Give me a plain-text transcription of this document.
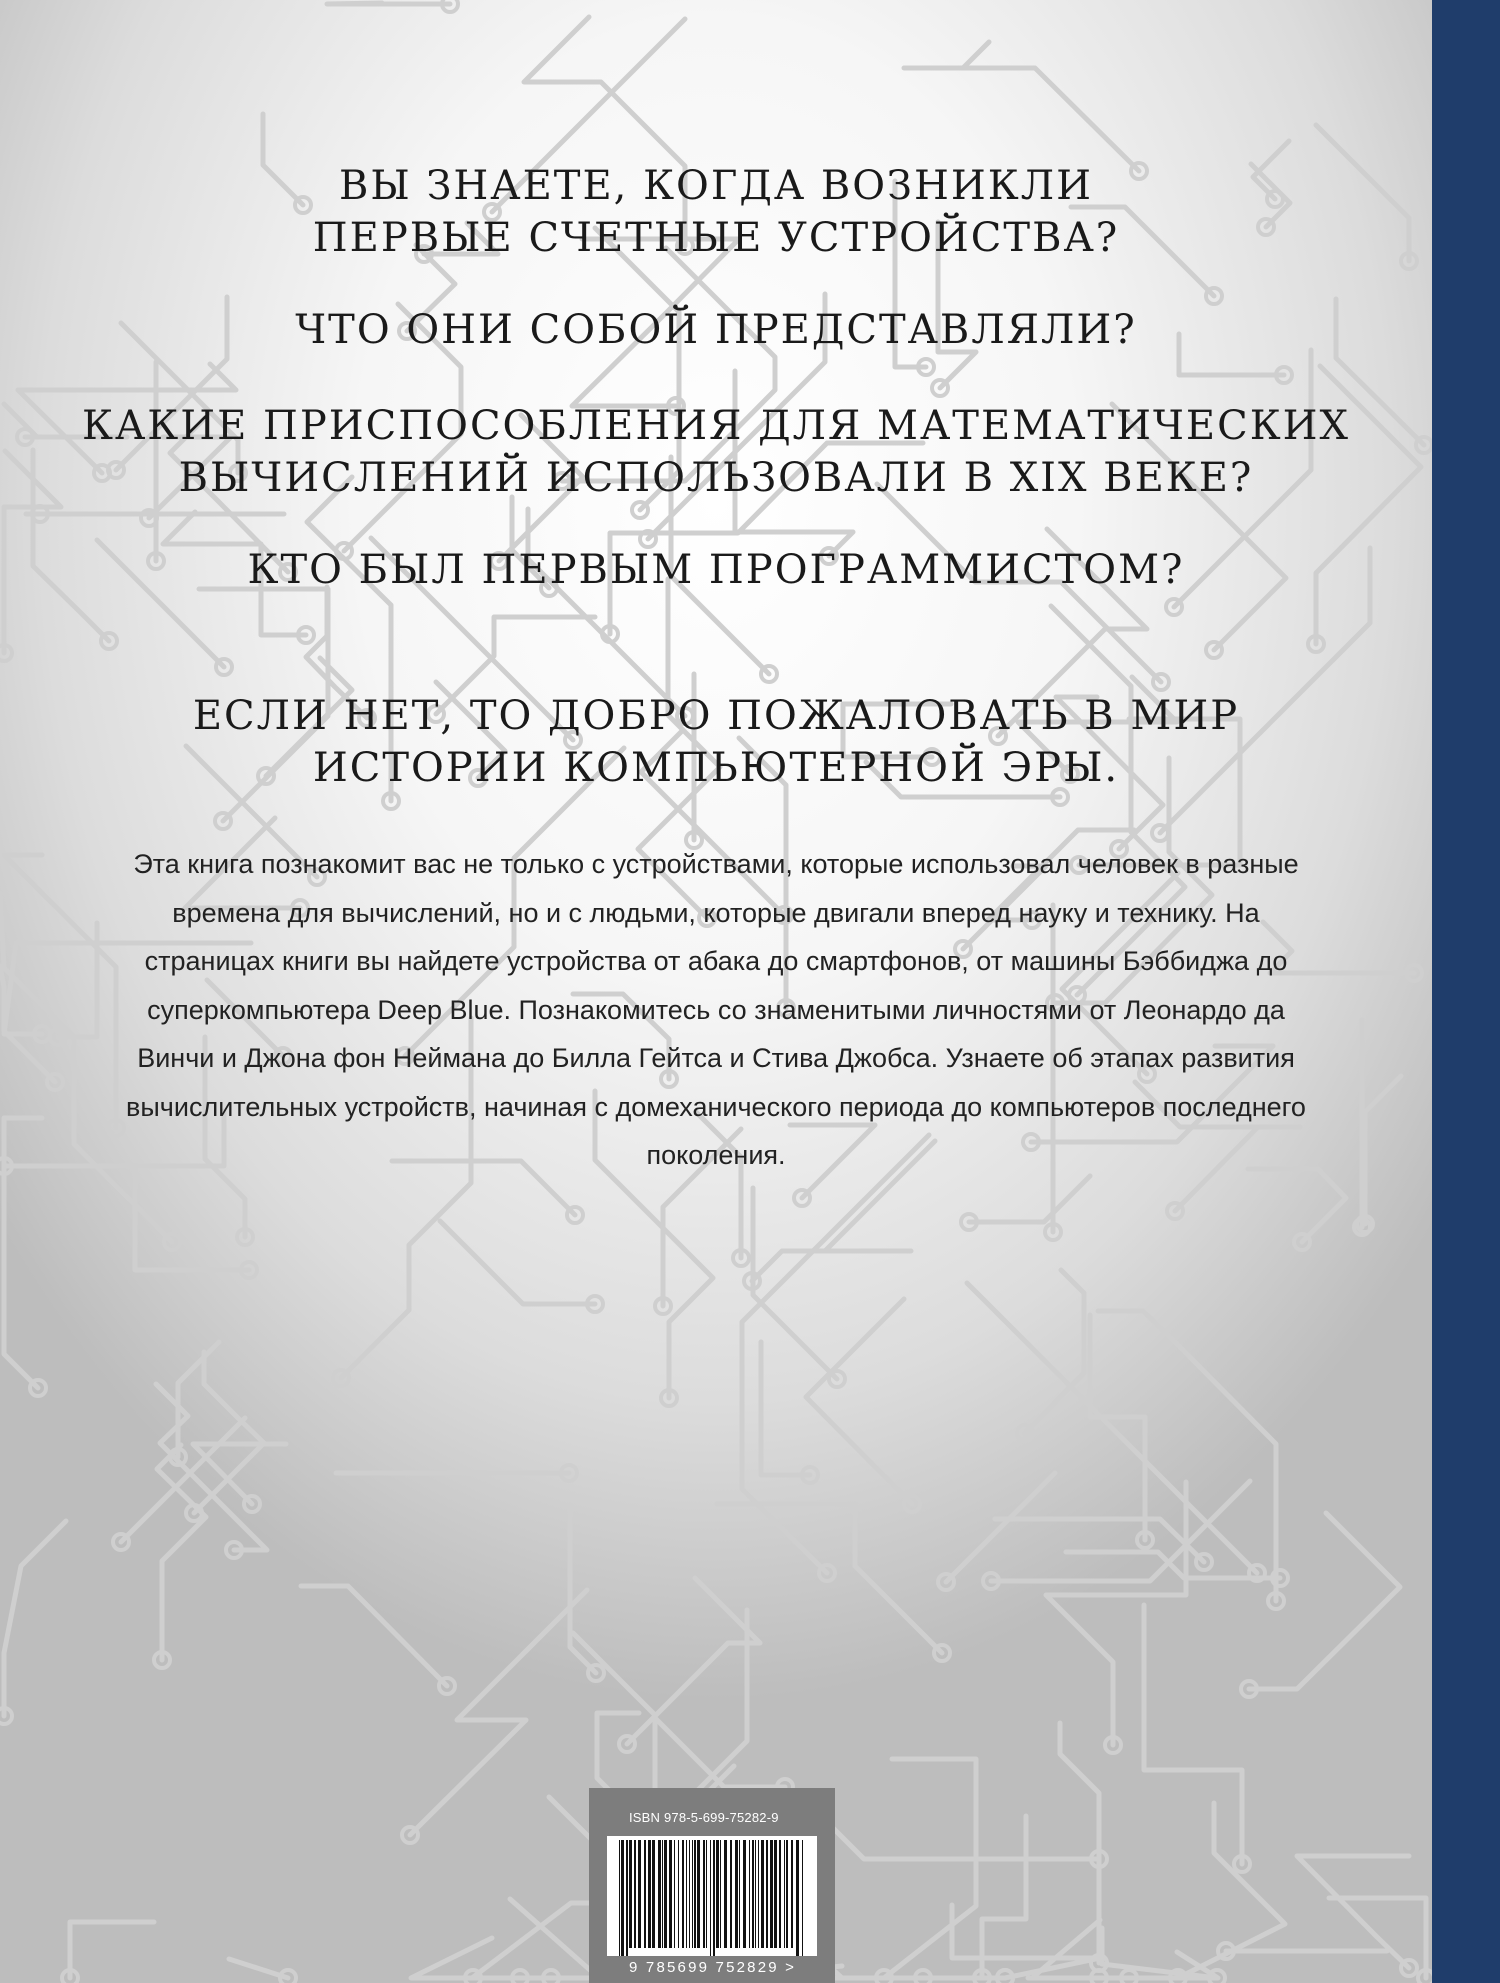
ВЫ ЗНАЕТЕ, КОГДА ВОЗНИКЛИ
ПЕРВЫЕ СЧЕТНЫЕ УСТРОЙСТВА?
ЧТО ОНИ СОБОЙ ПРЕДСТАВЛЯЛИ?
КАКИЕ ПРИСПОСОБЛЕНИЯ ДЛЯ МАТЕМАТИЧЕСКИХ
ВЫЧИСЛЕНИЙ ИСПОЛЬЗОВАЛИ В XIX ВЕКЕ?
КТО БЫЛ ПЕРВЫМ ПРОГРАММИСТОМ?
ЕСЛИ НЕТ, ТО ДОБРО ПОЖАЛОВАТЬ В МИР
ИСТОРИИ КОМПЬЮТЕРНОЙ ЭРЫ.

Эта книга познакомит вас не только с устройствами, которые использовал человек в разные времена для вычислений, но и с людьми, которые двигали вперед науку и технику. На страницах книги вы найдете устройства от абака до смартфонов, от машины Бэббиджа до суперкомпьютера Deep Blue. Познакомитесь со знаменитыми личностями от Леонардо да Винчи и Джона фон Неймана до Билла Гейтса и Стива Джобса. Узнаете об этапах развития вычислительных устройств, начиная с домеханического периода до компьютеров последнего поколения.

ISBN 978-5-699-75282-9
9 785699 752829 >
